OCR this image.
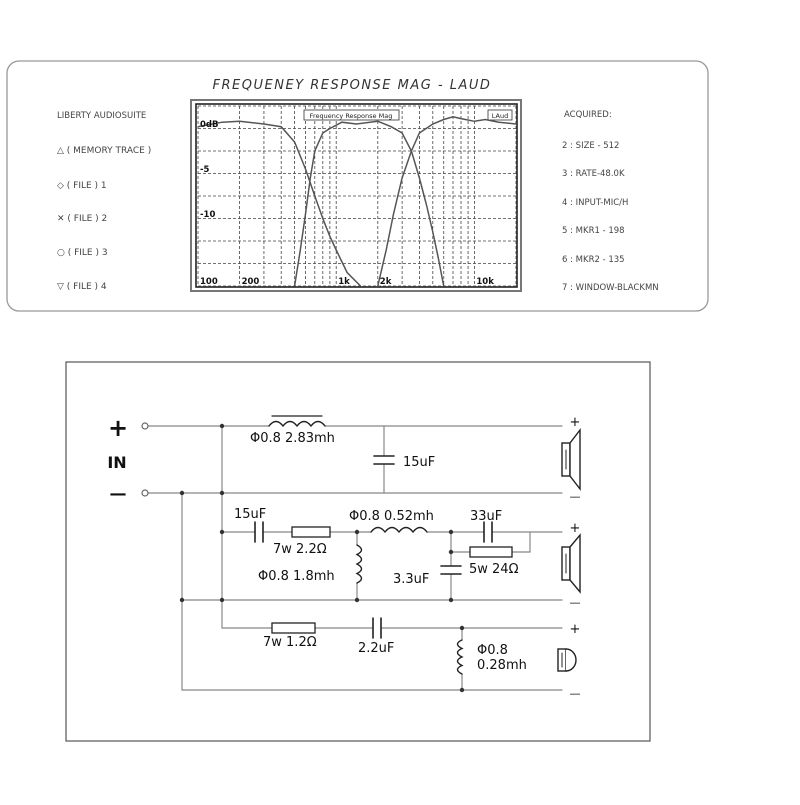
FREQUENEY RESPONSE MAG - LAUD
LIBERTY AUDIOSUITE
△ ( MEMORY TRACE )
◇ ( FILE ) 1
✕ ( FILE ) 2
○ ( FILE ) 3
▽ ( FILE ) 4
ACQUIRED:
2 : SIZE - 512
3 : RATE-48.0K
4 : INPUT-MIC/H
5 : MKR1 - 198
6 : MKR2 - 135
7 : WINDOW-BLACKMN
Frequency Response Mag	LAud
100	200	1k	2k	10k
0dB
-5
-10
+
IN
—
Φ0.8 2.83mh
15uF
15uF
7w 2.2Ω
Φ0.8 0.52mh
Φ0.8 1.8mh
33uF
5w 24Ω
3.3uF
7w 1.2Ω	2.2uF	Φ0.8
0.28mh
+
—
+
—
+
—
